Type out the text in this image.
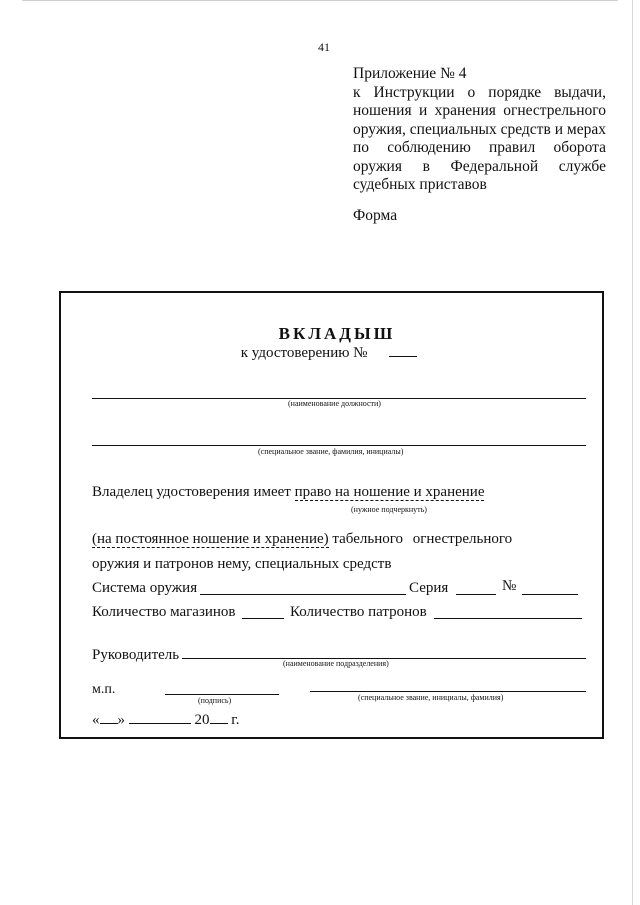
41
Приложение № 4
к Инструкции о порядке выдачи,
ношения и хранения огнестрельного
оружия, специальных средств и мерах
по соблюдению правил оборота
оружия в Федеральной службе
судебных приставов
Форма
ВКЛАДЫШ
к удостоверению №
(наименование должности)
(специальное звание, фамилия, инициалы)
Владелец удостоверения имеет право на ношение и хранение
(нужное подчеркнуть)
(на постоянное ношение и хранение) табельного огнестрельного
оружия и патронов нему, специальных средств
Система оружия	Серия	№
Количество магазинов	Количество патронов
Руководитель
(наименование подразделения)
м.п.
(подпись)	(специальное звание, инициалы, фамилия)
« »	20 г.
